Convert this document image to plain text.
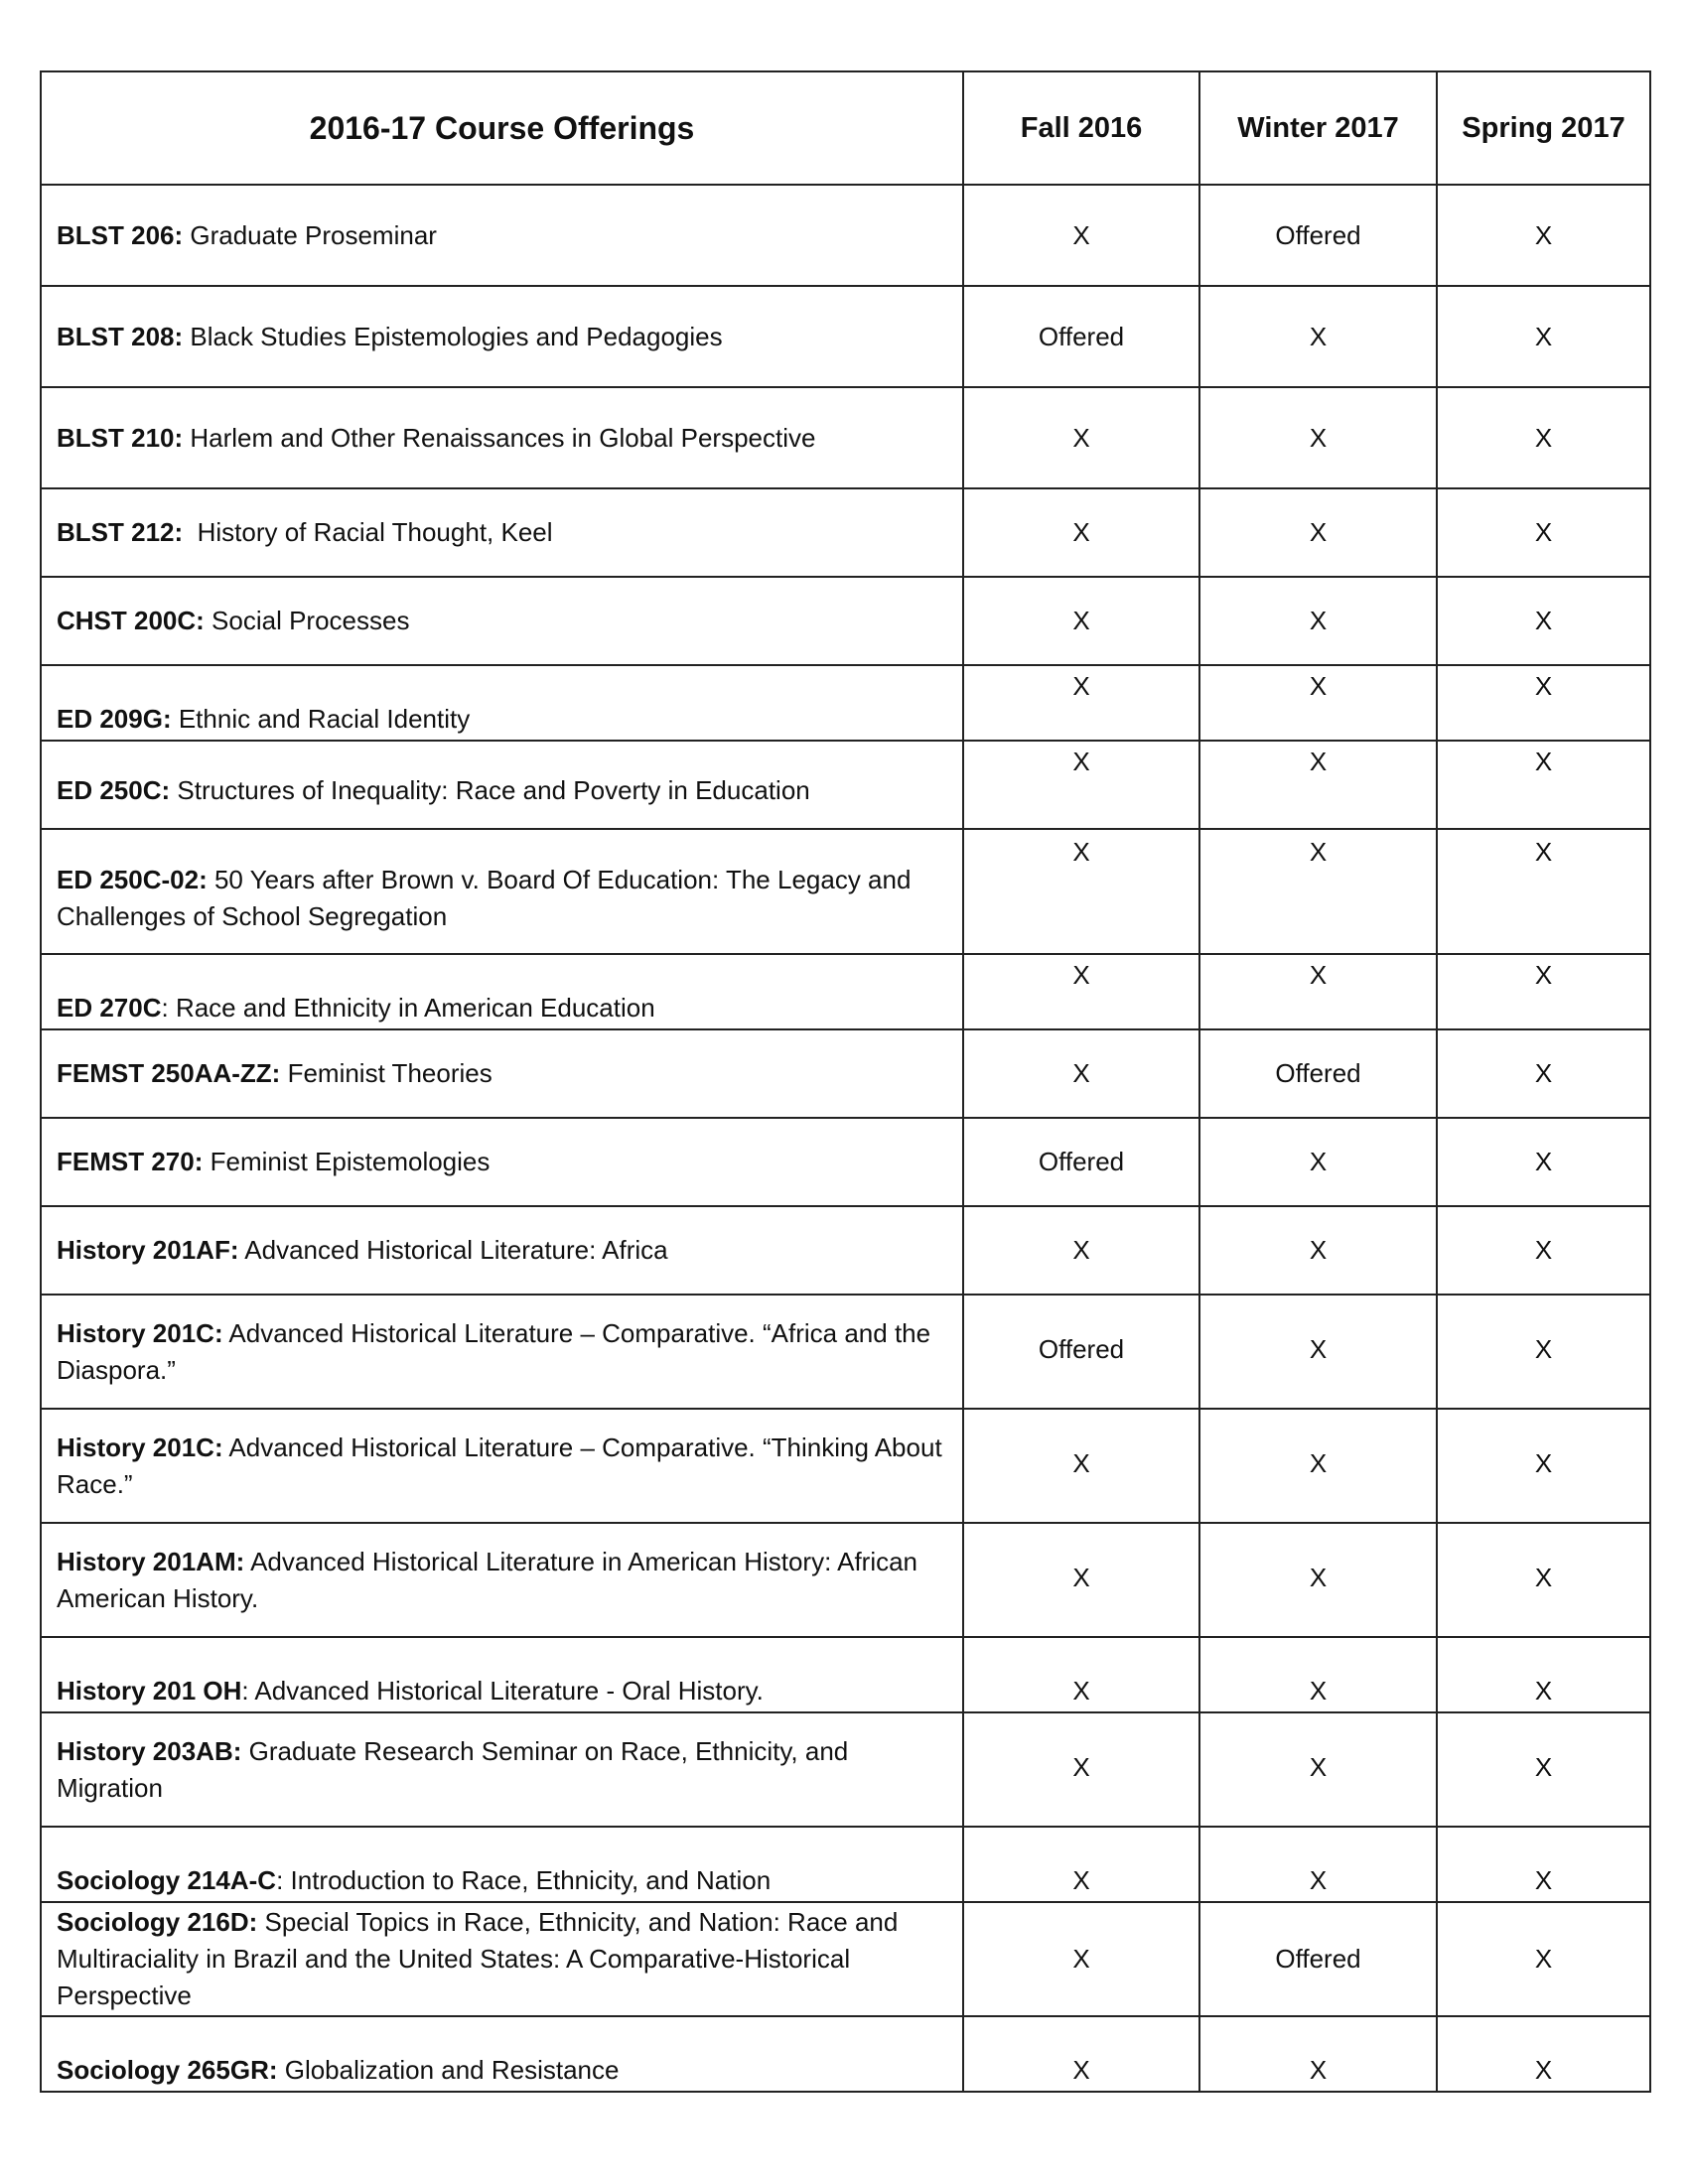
2016-17 Course Offerings	Fall 2016	Winter 2017	Spring 2017
BLST 206: Graduate Proseminar	X	Offered	X
BLST 208: Black Studies Epistemologies and Pedagogies	Offered	X	X
BLST 210: Harlem and Other Renaissances in Global Perspective	X	X	X
BLST 212:  History of Racial Thought, Keel	X	X	X
CHST 200C: Social Processes	X	X	X
ED 209G: Ethnic and Racial Identity	X	X	X
ED 250C: Structures of Inequality: Race and Poverty in Education	X	X	X
ED 250C-02: 50 Years after Brown v. Board Of Education: The Legacy and Challenges of School Segregation	X	X	X
ED 270C: Race and Ethnicity in American Education	X	X	X
FEMST 250AA-ZZ: Feminist Theories	X	Offered	X
FEMST 270: Feminist Epistemologies	Offered	X	X
History 201AF: Advanced Historical Literature: Africa	X	X	X
History 201C: Advanced Historical Literature – Comparative. “Africa and the Diaspora.”	Offered	X	X
History 201C: Advanced Historical Literature – Comparative. “Thinking About Race.”	X	X	X
History 201AM: Advanced Historical Literature in American History: African American History.	X	X	X
History 201 OH: Advanced Historical Literature - Oral History.	X	X	X
History 203AB: Graduate Research Seminar on Race, Ethnicity, and Migration	X	X	X
Sociology 214A-C: Introduction to Race, Ethnicity, and Nation	X	X	X
Sociology 216D: Special Topics in Race, Ethnicity, and Nation: Race and Multiraciality in Brazil and the United States: A Comparative-Historical Perspective	X	Offered	X
Sociology 265GR: Globalization and Resistance	X	X	X
